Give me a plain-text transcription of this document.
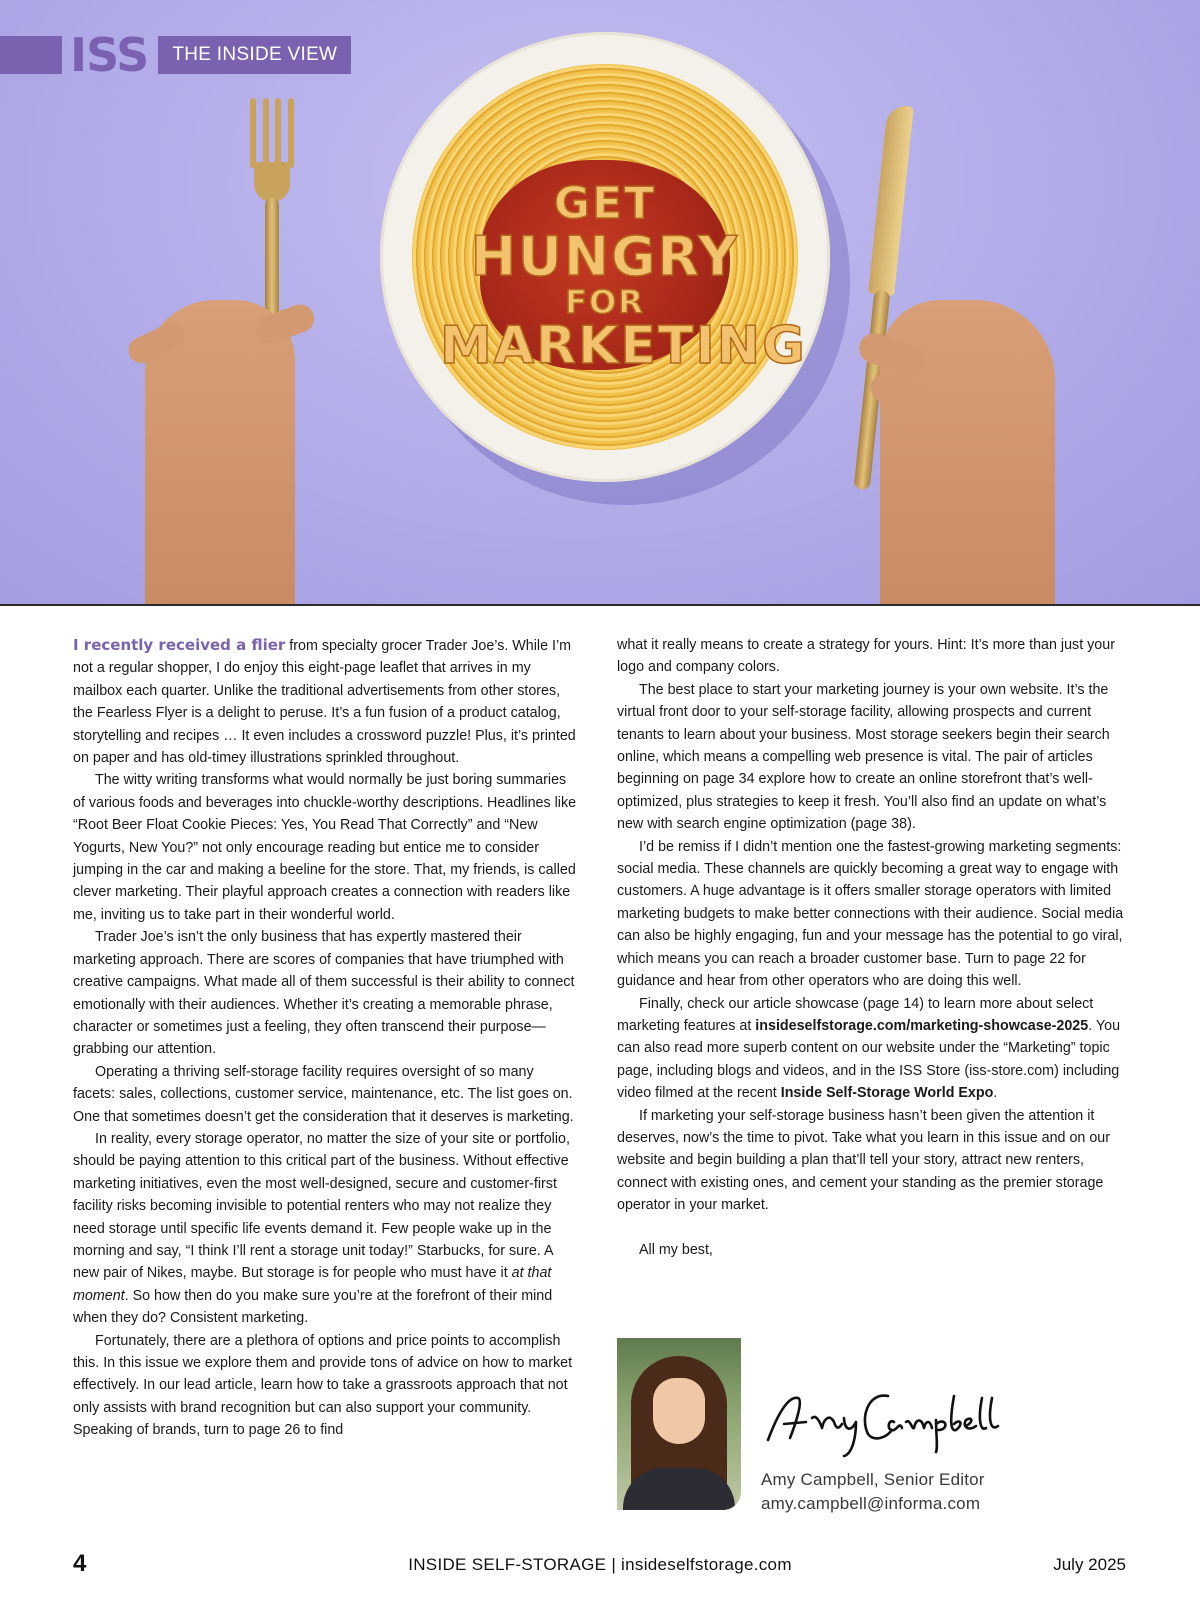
ISS	THE INSIDE VIEW
GET
HUNGRY
FOR
MARKETING

I recently received a flier from specialty grocer Trader Joe’s. While I’m not a regular shopper, I do enjoy this eight-page leaflet that arrives in my mailbox each quarter. Unlike the traditional advertisements from other stores, the Fearless Flyer is a delight to peruse. It’s a fun fusion of a product catalog, storytelling and recipes … It even includes a crossword puzzle! Plus, it’s printed on paper and has old-timey illustrations sprinkled throughout.

The witty writing transforms what would normally be just boring summaries of various foods and beverages into chuckle-worthy descriptions. Headlines like “Root Beer Float Cookie Pieces: Yes, You Read That Correctly” and “New Yogurts, New You?” not only encourage reading but entice me to consider jumping in the car and making a beeline for the store. That, my friends, is called clever marketing. Their playful approach creates a connection with readers like me, inviting us to take part in their wonderful world.

Trader Joe’s isn’t the only business that has expertly mastered their marketing approach. There are scores of companies that have triumphed with creative campaigns. What made all of them successful is their ability to connect emotionally with their audiences. Whether it’s creating a memorable phrase, character or sometimes just a feeling, they often transcend their purpose—grabbing our attention.

Operating a thriving self-storage facility requires oversight of so many facets: sales, collections, customer service, maintenance, etc. The list goes on. One that sometimes doesn’t get the consideration that it deserves is marketing.

In reality, every storage operator, no matter the size of your site or portfolio, should be paying attention to this critical part of the business. Without effective marketing initiatives, even the most well-designed, secure and customer-first facility risks becoming invisible to potential renters who may not realize they need storage until specific life events demand it. Few people wake up in the morning and say, “I think I’ll rent a storage unit today!” Starbucks, for sure. A new pair of Nikes, maybe. But storage is for people who must have it at that moment. So how then do you make sure you’re at the forefront of their mind when they do? Consistent marketing.

Fortunately, there are a plethora of options and price points to accomplish this. In this issue we explore them and provide tons of advice on how to market effectively. In our lead article, learn how to take a grassroots approach that not only assists with brand recognition but can also support your community. Speaking of brands, turn to page 26 to find

what it really means to create a strategy for yours. Hint: It’s more than just your logo and company colors.

The best place to start your marketing journey is your own website. It’s the virtual front door to your self-storage facility, allowing prospects and current tenants to learn about your business. Most storage seekers begin their search online, which means a compelling web presence is vital. The pair of articles beginning on page 34 explore how to create an online storefront that’s well-optimized, plus strategies to keep it fresh. You’ll also find an update on what’s new with search engine optimization (page 38).

I’d be remiss if I didn’t mention one the fastest-growing marketing segments: social media. These channels are quickly becoming a great way to engage with customers. A huge advantage is it offers smaller storage operators with limited marketing budgets to make better connections with their audience. Social media can also be highly engaging, fun and your message has the potential to go viral, which means you can reach a broader customer base. Turn to page 22 for guidance and hear from other operators who are doing this well.

Finally, check our article showcase (page 14) to learn more about select marketing features at insideselfstorage.com/marketing-showcase-2025. You can also read more superb content on our website under the “Marketing” topic page, including blogs and videos, and in the ISS Store (iss-store.com) including video filmed at the recent Inside Self-Storage World Expo.

If marketing your self-storage business hasn’t been given the attention it deserves, now’s the time to pivot. Take what you learn in this issue and on our website and begin building a plan that’ll tell your story, attract new renters, connect with existing ones, and cement your standing as the premier storage operator in your market.

All my best,

Amy Campbell, Senior Editor
amy.campbell@informa.com
4	INSIDE SELF-STORAGE | insideselfstorage.com	July 2025
